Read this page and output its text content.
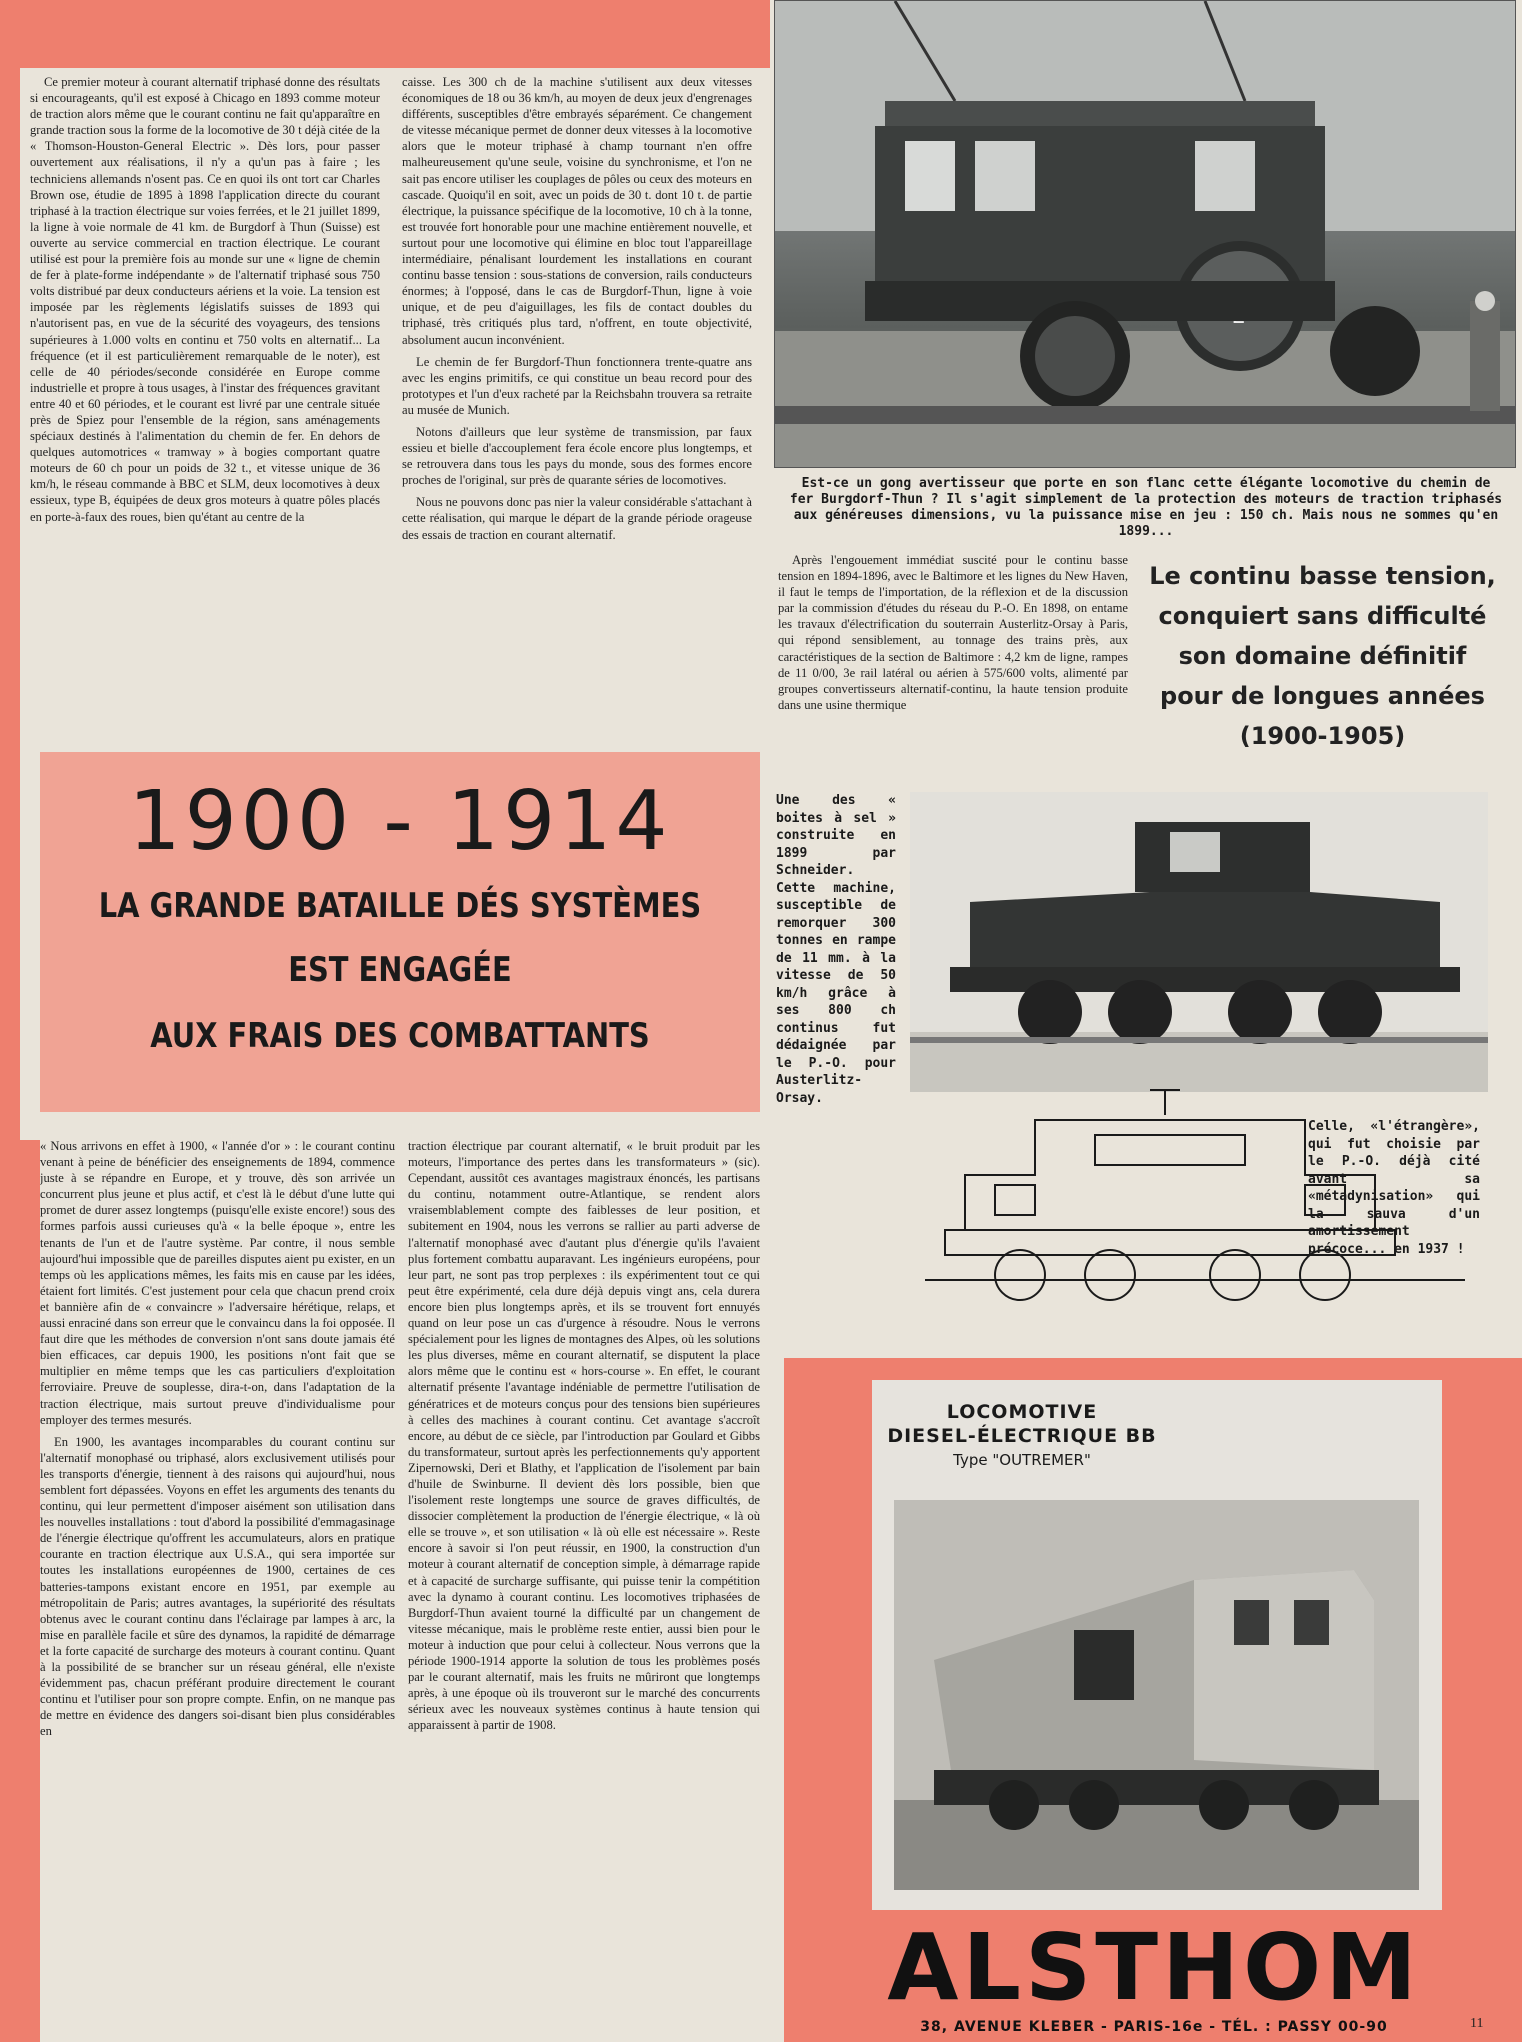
Ce premier moteur à courant alternatif triphasé donne des résultats si encourageants, qu'il est exposé à Chicago en 1893 comme moteur de traction alors même que le courant continu ne fait qu'apparaître en grande traction sous la forme de la locomotive de 30 t déjà citée de la « Thomson-Houston-General Electric ». Dès lors, pour passer ouvertement aux réalisations, il n'y a qu'un pas à faire ; les techniciens allemands n'osent pas. Ce en quoi ils ont tort car Charles Brown ose, étudie de 1895 à 1898 l'application directe du courant triphasé à la traction électrique sur voies ferrées, et le 21 juillet 1899, la ligne à voie normale de 41 km. de Burgdorf à Thun (Suisse) est ouverte au service commercial en traction électrique. Le courant utilisé est pour la première fois au monde sur une « ligne de chemin de fer à plate-forme indépendante » de l'alternatif triphasé sous 750 volts distribué par deux conducteurs aériens et la voie. La tension est imposée par les règlements législatifs suisses de 1893 qui n'autorisent pas, en vue de la sécurité des voyageurs, des tensions supérieures à 1.000 volts en continu et 750 volts en alternatif... La fréquence (et il est particulièrement remarquable de le noter), est celle de 40 périodes/seconde considérée en Europe comme industrielle et propre à tous usages, à l'instar des fréquences gravitant entre 40 et 60 périodes, et le courant est livré par une centrale située près de Spiez pour l'ensemble de la région, sans aménagements spéciaux destinés à l'alimentation du chemin de fer. En dehors de quelques automotrices « tramway » à bogies comportant quatre moteurs de 60 ch pour un poids de 32 t., et vitesse unique de 36 km/h, le réseau commande à BBC et SLM, deux locomotives à deux essieux, type B, équipées de deux gros moteurs à quatre pôles placés en porte-à-faux des roues, bien qu'étant au centre de la

caisse. Les 300 ch de la machine s'utilisent aux deux vitesses économiques de 18 ou 36 km/h, au moyen de deux jeux d'engrenages différents, susceptibles d'être embrayés séparément. Ce changement de vitesse mécanique permet de donner deux vitesses à la locomotive alors que le moteur triphasé à champ tournant n'en offre malheureusement qu'une seule, voisine du synchronisme, et l'on ne sait pas encore utiliser les couplages de pôles ou ceux des moteurs en cascade. Quoiqu'il en soit, avec un poids de 30 t. dont 10 t. de partie électrique, la puissance spécifique de la locomotive, 10 ch à la tonne, est trouvée fort honorable pour une machine entièrement nouvelle, et surtout pour une locomotive qui élimine en bloc tout l'appareillage intermédiaire, pénalisant lourdement les installations en courant continu basse tension : sous-stations de conversion, rails conducteurs énormes; à l'opposé, dans le cas de Burgdorf-Thun, ligne à voie unique, et de peu d'aiguillages, les fils de contact doubles du triphasé, très critiqués plus tard, n'offrent, en toute objectivité, absolument aucun inconvénient.

Le chemin de fer Burgdorf-Thun fonctionnera trente-quatre ans avec les engins primitifs, ce qui constitue un beau record pour des prototypes et l'un d'eux racheté par la Reichsbahn trouvera sa retraite au musée de Munich.

Notons d'ailleurs que leur système de transmission, par faux essieu et bielle d'accouplement fera école encore plus longtemps, et se retrouvera dans tous les pays du monde, sous des formes encore proches de l'original, sur près de quarante séries de locomotives.

Nous ne pouvons donc pas nier la valeur considérable s'attachant à cette réalisation, qui marque le départ de la grande période orageuse des essais de traction en courant alternatif.

Est-ce un gong avertisseur que porte en son flanc cette élégante locomotive du chemin de fer Burgdorf-Thun ? Il s'agit simplement de la protection des moteurs de traction triphasés aux généreuses dimensions, vu la puissance mise en jeu : 150 ch. Mais nous ne sommes qu'en 1899...

Après l'engouement immédiat suscité pour le continu basse tension en 1894-1896, avec le Baltimore et les lignes du New Haven, il faut le temps de l'importation, de la réflexion et de la discussion par la commission d'études du réseau du P.-O. En 1898, on entame les travaux d'électrification du souterrain Austerlitz-Orsay à Paris, qui répond sensiblement, au tonnage des trains près, aux caractéristiques de la section de Baltimore : 4,2 km de ligne, rampes de 11 0/00, 3e rail latéral ou aérien à 575/600 volts, alimenté par groupes convertisseurs alternatif-continu, la haute tension produite dans une usine thermique

Le continu basse tension,
conquiert sans difficulté
son domaine définitif
pour de longues années
(1900-1905)
1900 - 1914
LA GRANDE BATAILLE DÉS SYSTÈMES
EST ENGAGÉE
AUX FRAIS DES COMBATTANTS
Une des « boites à sel » construite en 1899 par Schneider. Cette machine, susceptible de remorquer 300 tonnes en rampe de 11 mm. à la vitesse de 50 km/h grâce à ses 800 ch continus fut dédaignée par le P.-O. pour Austerlitz-Orsay.
Celle, «l'étrangère», qui fut choisie par le P.-O. déjà cité avant sa «métadynisation» qui la sauva d'un amortissement précoce... en 1937 !

« Nous arrivons en effet à 1900, « l'année d'or » : le courant continu venant à peine de bénéficier des enseignements de 1894, commence juste à se répandre en Europe, et y trouve, dès son arrivée un concurrent plus jeune et plus actif, et c'est là le début d'une lutte qui promet de durer assez longtemps (puisqu'elle existe encore!) sous des formes parfois aussi curieuses qu'à « la belle époque », entre les tenants de l'un et de l'autre système. Par contre, il nous semble aujourd'hui impossible que de pareilles disputes aient pu exister, en un temps où les applications mêmes, les faits mis en cause par les idées, étaient fort limités. C'est justement pour cela que chacun prend croix et bannière afin de « convaincre » l'adversaire hérétique, relaps, et aussi enraciné dans son erreur que le convaincu dans la foi opposée. Il faut dire que les méthodes de conversion n'ont sans doute jamais été bien efficaces, car depuis 1900, les positions n'ont fait que se multiplier en même temps que les cas particuliers d'exploitation ferroviaire. Preuve de souplesse, dira-t-on, dans l'adaptation de la traction électrique, mais surtout preuve d'individualisme pour employer des termes mesurés.

En 1900, les avantages incomparables du courant continu sur l'alternatif monophasé ou triphasé, alors exclusivement utilisés pour les transports d'énergie, tiennent à des raisons qui aujourd'hui, nous semblent fort dépassées. Voyons en effet les arguments des tenants du continu, qui leur permettent d'imposer aisément son utilisation dans les nouvelles installations : tout d'abord la possibilité d'emmagasinage de l'énergie électrique qu'offrent les accumulateurs, alors en pratique courante en traction électrique aux U.S.A., qui sera importée sur toutes les installations européennes de 1900, certaines de ces batteries-tampons existant encore en 1951, par exemple au métropolitain de Paris; autres avantages, la supériorité des résultats obtenus avec le courant continu dans l'éclairage par lampes à arc, la mise en parallèle facile et sûre des dynamos, la rapidité de démarrage et la forte capacité de surcharge des moteurs à courant continu. Quant à la possibilité de se brancher sur un réseau général, elle n'existe évidemment pas, chacun préférant produire directement le courant continu et l'utiliser pour son propre compte. Enfin, on ne manque pas de mettre en évidence des dangers soi-disant bien plus considérables en

traction électrique par courant alternatif, « le bruit produit par les moteurs, l'importance des pertes dans les transformateurs » (sic). Cependant, aussitôt ces avantages magistraux énoncés, les partisans du continu, notamment outre-Atlantique, se rendent alors vraisemblablement compte des faiblesses de leur position, et subitement en 1904, nous les verrons se rallier au parti adverse de l'alternatif monophasé avec d'autant plus d'énergie qu'ils l'avaient plus fortement combattu auparavant. Les ingénieurs européens, pour leur part, ne sont pas trop perplexes : ils expérimentent tout ce qui peut être expérimenté, cela dure déjà depuis vingt ans, cela durera encore bien plus longtemps après, et ils se trouvent fort ennuyés quand on leur pose un cas d'urgence à résoudre. Nous le verrons spécialement pour les lignes de montagnes des Alpes, où les solutions les plus diverses, même en courant alternatif, se disputent la place alors même que le continu est « hors-course ». En effet, le courant alternatif présente l'avantage indéniable de permettre l'utilisation de génératrices et de moteurs conçus pour des tensions bien supérieures à celles des machines à courant continu. Cet avantage s'accroît encore, au début de ce siècle, par l'introduction par Goulard et Gibbs du transformateur, surtout après les perfectionnements qu'y apportent Zipernowski, Deri et Blathy, et l'application de l'isolement par bain d'huile de Swinburne. Il devient dès lors possible, bien que l'isolement reste longtemps une source de graves difficultés, de dissocier complètement la production de l'énergie électrique, « là où elle se trouve », et son utilisation « là où elle est nécessaire ». Reste encore à savoir si l'on peut réussir, en 1900, la construction d'un moteur à courant alternatif de conception simple, à démarrage rapide et à capacité de surcharge suffisante, qui puisse tenir la compétition avec la dynamo à courant continu. Les locomotives triphasées de Burgdorf-Thun avaient tourné la difficulté par un changement de vitesse mécanique, mais le problème reste entier, aussi bien pour le moteur à induction que pour celui à collecteur. Nous verrons que la période 1900-1914 apporte la solution de tous les problèmes posés par le courant alternatif, mais les fruits ne mûriront que longtemps après, à une époque où ils trouveront sur le marché des concurrents sérieux avec les nouveaux systèmes continus à haute tension qui apparaissent à partir de 1908.

LOCOMOTIVE
DIESEL-ÉLECTRIQUE BB
Type "OUTREMER"
ALSTHOM
38, AVENUE KLEBER - PARIS-16e - TÉL. : PASSY 00-90	11
